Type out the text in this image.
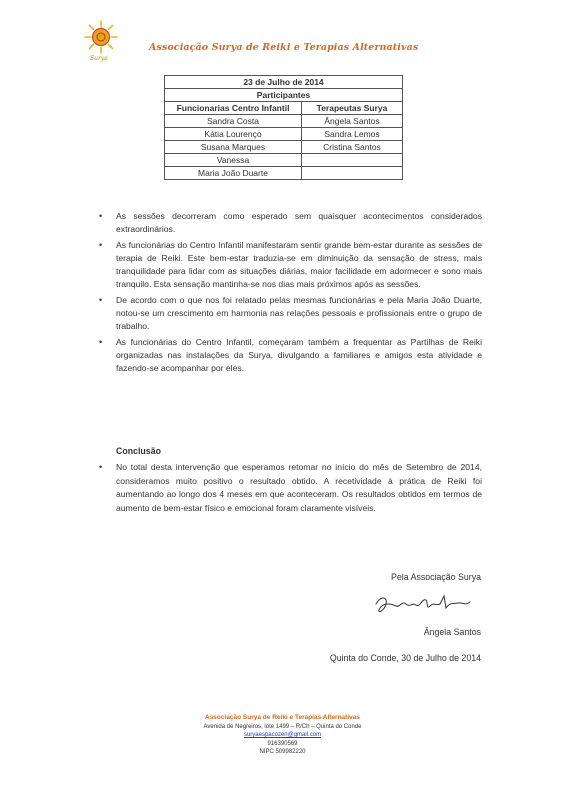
Surya
Associação Surya de Reiki e Terapias Alternativas
23 de Julho de 2014	
Participantes	
Funcionarias Centro Infantil	Terapeutas Surya
Sandra Costa	Ângela Santos
Kátia Lourenço	Sandra Lemos
Susana Marques	Cristina Santos
Vanessa	
Maria João Duarte	
• As sessões decorreram como esperado sem quaisquer acontecimentos considerados extraordinários.
• As funcionárias do Centro Infantil manifestaram sentir grande bem-estar durante as sessões de terapia de Reiki. Este bem-estar traduzia-se em diminuição da sensação de stress, mais tranquilidade para lidar com as situações diárias, maior facilidade em adormecer e sono mais tranquilo. Esta sensação mantinha-se nos dias mais próximos após as sessões.
• De acordo com o que nos foi relatado pelas mesmas funcionárias e pela Maria João Duarte, notou-se um crescimento em harmonia nas relações pessoais e profissionais entre o grupo de trabalho.
• As funcionárias do Centro Infantil, começaram também a frequentar as Partilhas de Reiki organizadas nas instalações da Surya, divulgando a familiares e amigos esta atividade e fazendo-se acompanhar por eles.
Conclusão
• No total desta intervenção que esperamos retomar no início do mês de Setembro de 2014, consideramos muito positivo o resultado obtido. A recetividade à prática de Reiki foi aumentando ao longo dos 4 meses em que aconteceram. Os resultados obtidos em termos de aumento de bem-estar físico e emocional foram claramente visíveis.
Pela Associação Surya
Ângela Santos
Quinta do Conde, 30 de Julho de 2014
Associação Surya de Reiki e Terapias Alternativas
Avenida de Negreiros, lote 1499 – R/Ch – Quinta do Conde
suryaespacozen@gmail.com
916390569
NIPC 509982220
